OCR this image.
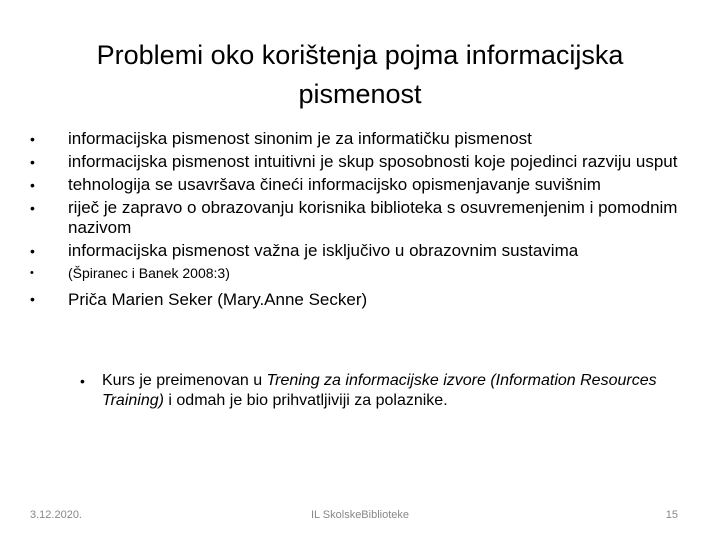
Problemi oko korištenja pojma informacijska pismenost
•	informacijska pismenost sinonim je za informatičku pismenost
•	informacijska pismenost intuitivni je skup sposobnosti koje pojedinci razviju usput
•	tehnologija se usavršava čineći informacijsko opismenjavanje suvišnim
•	riječ je zapravo o obrazovanju korisnika biblioteka s osuvremenjenim i pomodnim nazivom
•	informacijska pismenost važna je isključivo u obrazovnim sustavima
•	(Špiranec i Banek 2008:3)
•	Priča Marien Seker (Mary.Anne Secker)
• Kurs je preimenovan u Trening za informacijske izvore (Information Resources Training) i odmah je bio prihvatljiviji za polaznike.
3.12.2020.	IL SkolskeBiblioteke	15
